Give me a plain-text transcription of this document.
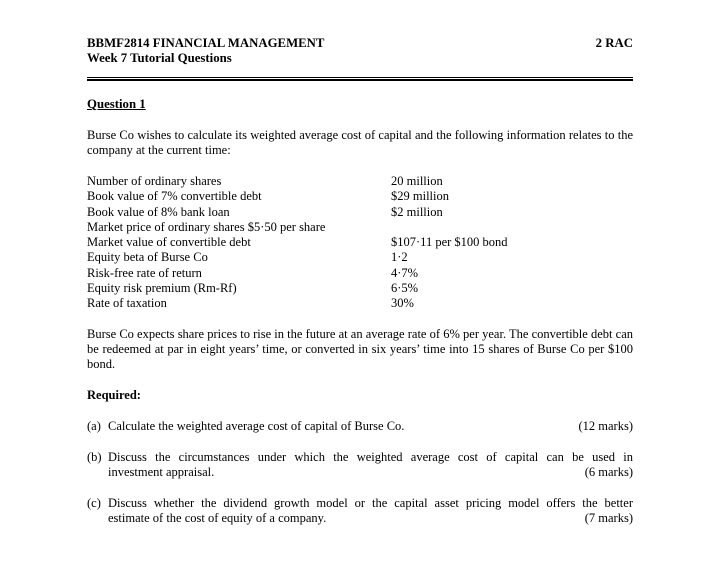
BBMF2814 FINANCIAL MANAGEMENT	2 RAC
Week 7 Tutorial Questions
Question 1
Burse Co wishes to calculate its weighted average cost of capital and the following information relates to the company at the current time:
Number of ordinary shares	20 million
Book value of 7% convertible debt	$29 million
Book value of 8% bank loan	$2 million
Market price of ordinary shares $5·50 per share
Market value of convertible debt	$107·11 per $100 bond
Equity beta of Burse Co	1·2
Risk-free rate of return	4·7%
Equity risk premium (Rm-Rf)	6·5%
Rate of taxation	30%
Burse Co expects share prices to rise in the future at an average rate of 6% per year. The convertible debt can be redeemed at par in eight years’ time, or converted in six years’ time into 15 shares of Burse Co per $100 bond.
Required:
(a) Calculate the weighted average cost of capital of Burse Co.	(12 marks)
(b) Discuss the circumstances under which the weighted average cost of capital can be used in
investment appraisal.	(6 marks)
(c) Discuss whether the dividend growth model or the capital asset pricing model offers the better
estimate of the cost of equity of a company.	(7 marks)
